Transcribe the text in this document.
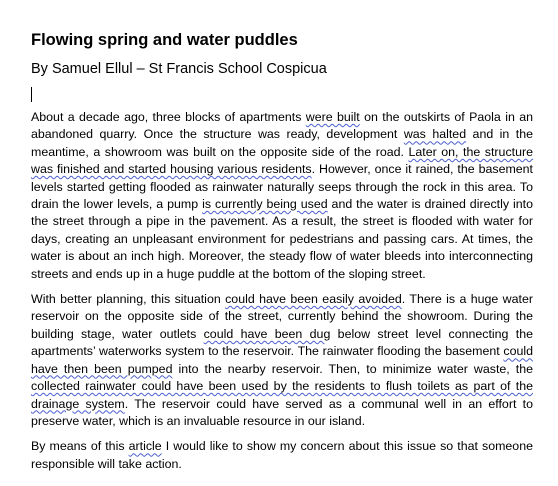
Flowing spring and water puddles

By Samuel Ellul – St Francis School Cospicua

About a decade ago, three blocks of apartments were built on the outskirts of Paola in an abandoned quarry. Once the structure was ready, development was halted and in the meantime, a showroom was built on the opposite side of the road. Later on, the structure was finished and started housing various residents. However, once it rained, the basement levels started getting flooded as rainwater naturally seeps through the rock in this area. To drain the lower levels, a pump is currently being used and the water is drained directly into the street through a pipe in the pavement. As a result, the street is flooded with water for days, creating an unpleasant environment for pedestrians and passing cars. At times, the water is about an inch high. Moreover, the steady flow of water bleeds into interconnecting streets and ends up in a huge puddle at the bottom of the sloping street.

With better planning, this situation could have been easily avoided. There is a huge water reservoir on the opposite side of the street, currently behind the showroom. During the building stage, water outlets could have been dug below street level connecting the apartments’ waterworks system to the reservoir. The rainwater flooding the basement could have then been pumped into the nearby reservoir. Then, to minimize water waste, the collected rainwater could have been used by the residents to flush toilets as part of the drainage system. The reservoir could have served as a communal well in an effort to preserve water, which is an invaluable resource in our island.

By means of this article I would like to show my concern about this issue so that someone responsible will take action.
